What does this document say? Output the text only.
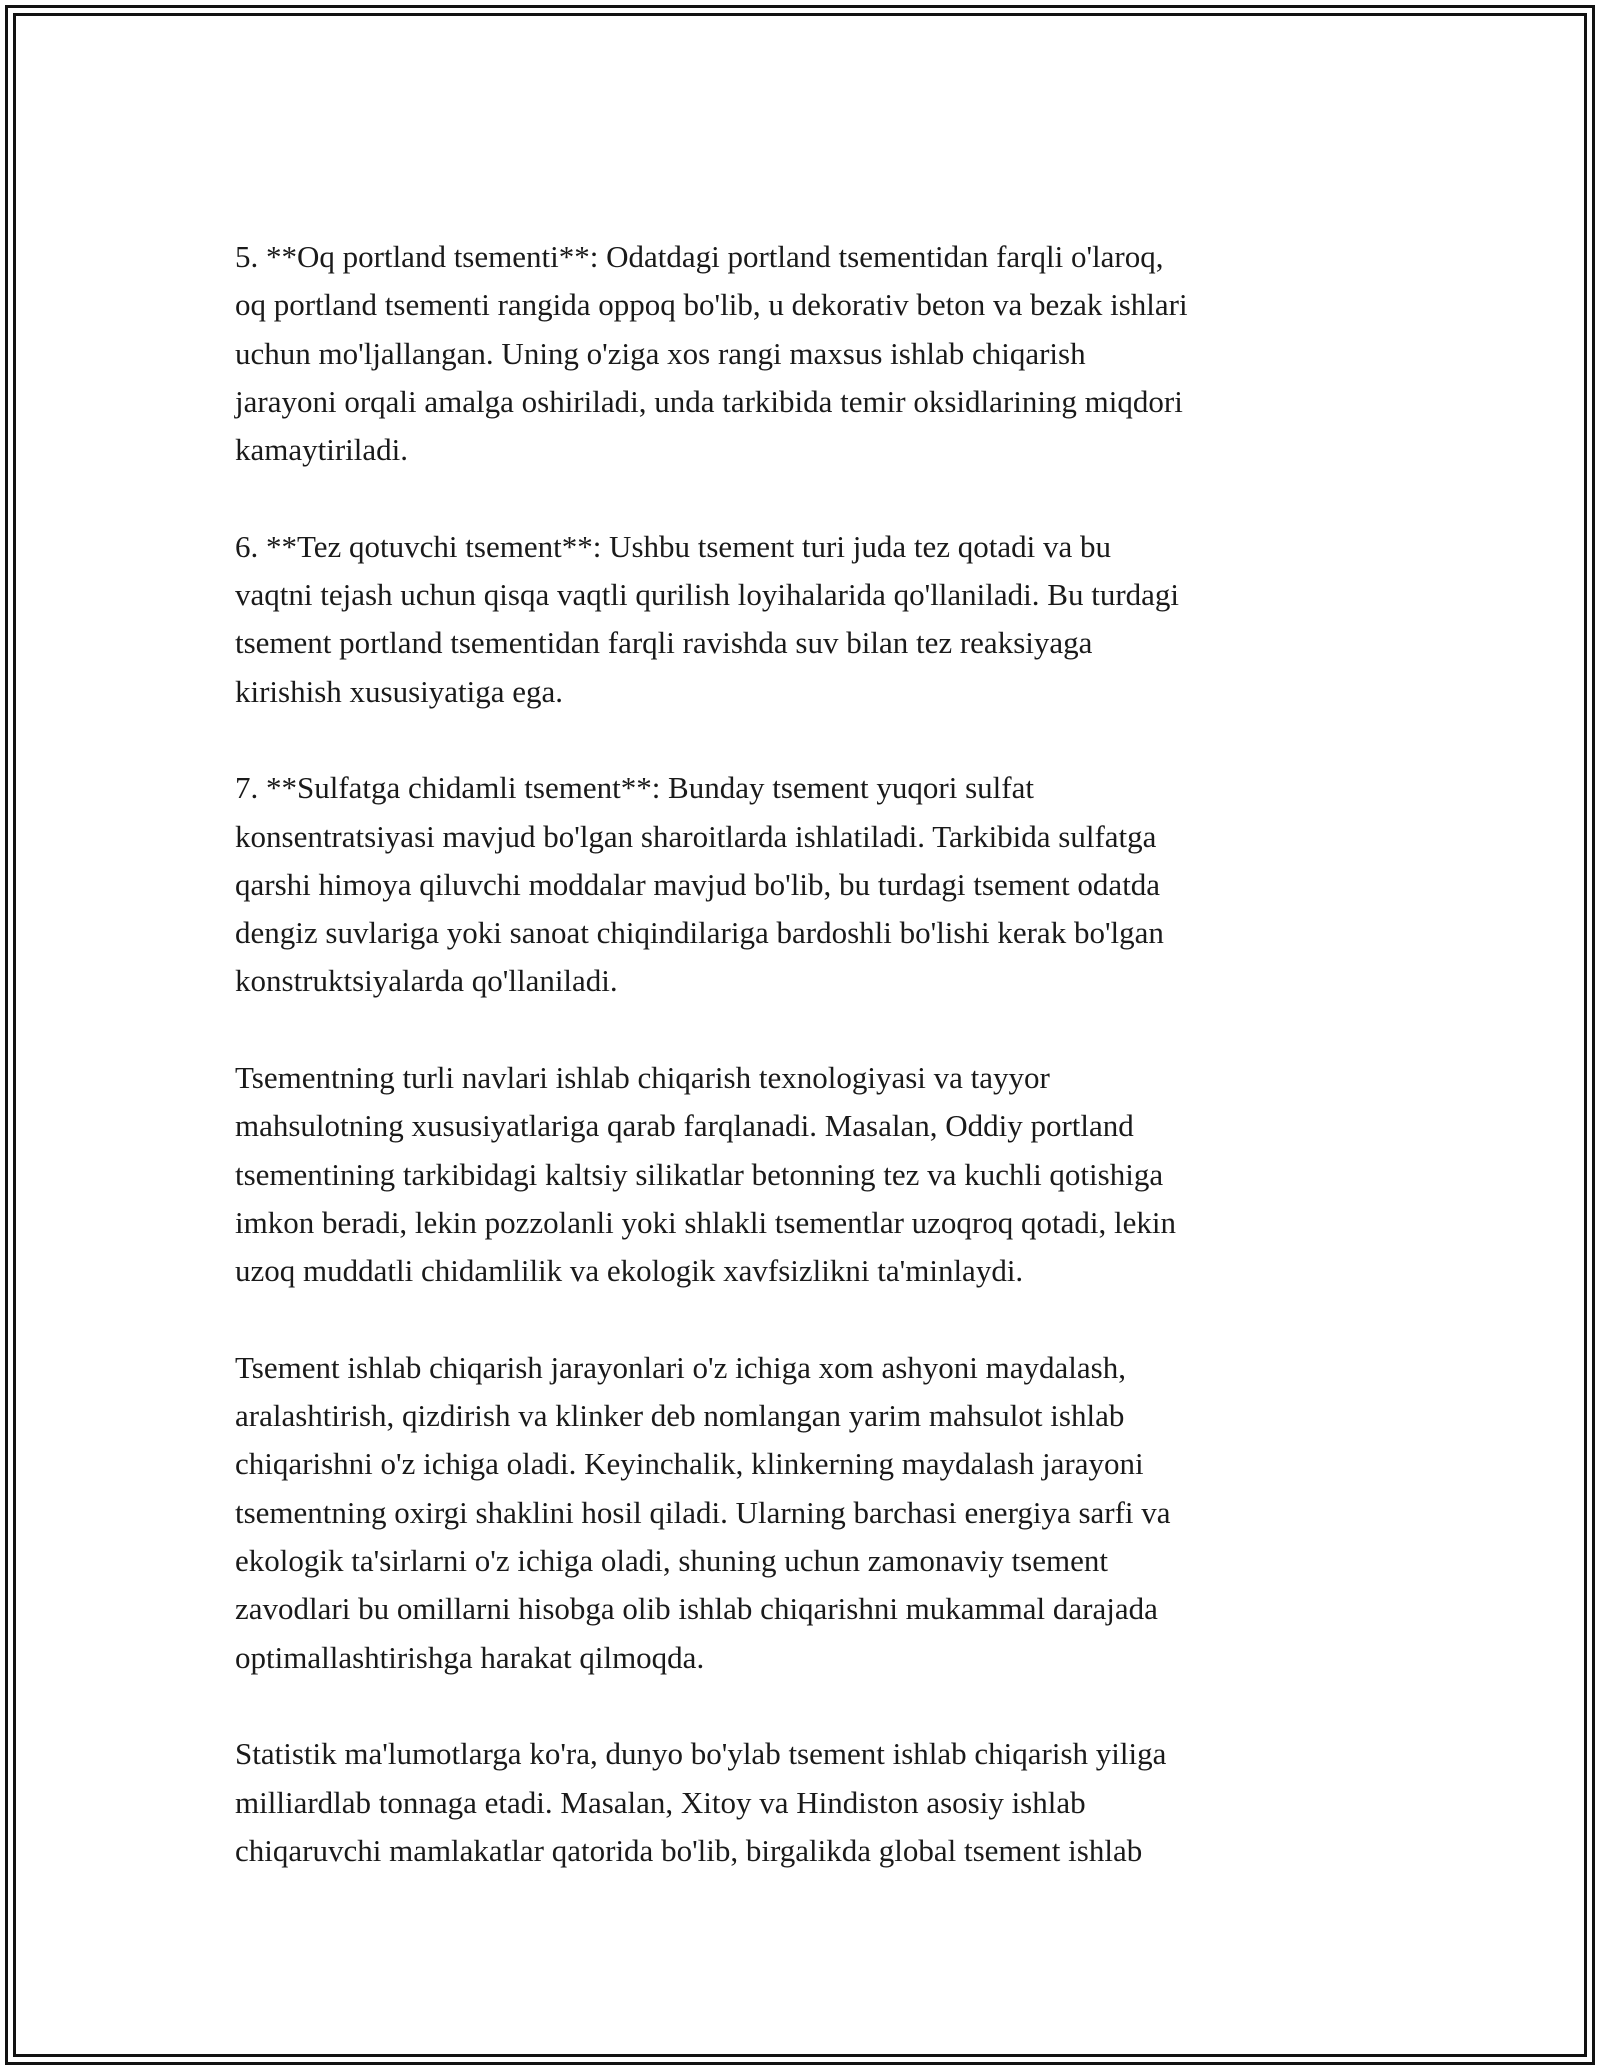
5. **Oq portland tsementi**: Odatdagi portland tsementidan farqli o'laroq,
oq portland tsementi rangida oppoq bo'lib, u dekorativ beton va bezak ishlari
uchun mo'ljallangan. Uning o'ziga xos rangi maxsus ishlab chiqarish
jarayoni orqali amalga oshiriladi, unda tarkibida temir oksidlarining miqdori
kamaytiriladi.

6. **Tez qotuvchi tsement**: Ushbu tsement turi juda tez qotadi va bu
vaqtni tejash uchun qisqa vaqtli qurilish loyihalarida qo'llaniladi. Bu turdagi
tsement portland tsementidan farqli ravishda suv bilan tez reaksiyaga
kirishish xususiyatiga ega.

7. **Sulfatga chidamli tsement**: Bunday tsement yuqori sulfat
konsentratsiyasi mavjud bo'lgan sharoitlarda ishlatiladi. Tarkibida sulfatga
qarshi himoya qiluvchi moddalar mavjud bo'lib, bu turdagi tsement odatda
dengiz suvlariga yoki sanoat chiqindilariga bardoshli bo'lishi kerak bo'lgan
konstruktsiyalarda qo'llaniladi.

Tsementning turli navlari ishlab chiqarish texnologiyasi va tayyor
mahsulotning xususiyatlariga qarab farqlanadi. Masalan, Oddiy portland
tsementining tarkibidagi kaltsiy silikatlar betonning tez va kuchli qotishiga
imkon beradi, lekin pozzolanli yoki shlakli tsementlar uzoqroq qotadi, lekin
uzoq muddatli chidamlilik va ekologik xavfsizlikni ta'minlaydi.

Tsement ishlab chiqarish jarayonlari o'z ichiga xom ashyoni maydalash,
aralashtirish, qizdirish va klinker deb nomlangan yarim mahsulot ishlab
chiqarishni o'z ichiga oladi. Keyinchalik, klinkerning maydalash jarayoni
tsementning oxirgi shaklini hosil qiladi. Ularning barchasi energiya sarfi va
ekologik ta'sirlarni o'z ichiga oladi, shuning uchun zamonaviy tsement
zavodlari bu omillarni hisobga olib ishlab chiqarishni mukammal darajada
optimallashtirishga harakat qilmoqda.

Statistik ma'lumotlarga ko'ra, dunyo bo'ylab tsement ishlab chiqarish yiligа
milliardlab tonnaga etadi. Masalan, Xitoy va Hindiston asosiy ishlab
chiqaruvchi mamlakatlar qatorida bo'lib, birgalikda global tsement ishlab
